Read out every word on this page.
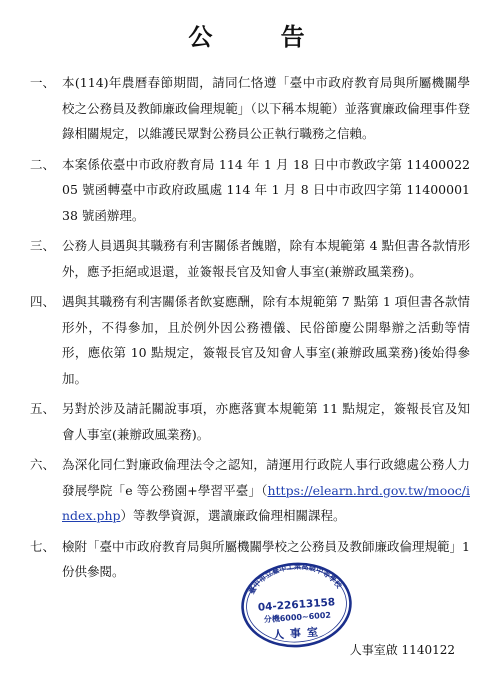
公 告
一、 本(114)年農曆春節期間，請同仁恪遵「臺中市政府教育局與所屬機關學校之公務員及教師廉政倫理規範」（以下稱本規範）並落實廉政倫理事件登錄相關規定，以維護民眾對公務員公正執行職務之信賴。
二、 本案係依臺中市政府教育局 114 年 1 月 18 日中市教政字第 1140002205 號函轉臺中市政府政風處 114 年 1 月 8 日中市政四字第 1140000138 號函辦理。
三、 公務人員遇與其職務有利害關係者餽贈，除有本規範第 4 點但書各款情形外，應予拒絕或退還，並簽報長官及知會人事室(兼辦政風業務)。
四、 遇與其職務有利害關係者飲宴應酬，除有本規範第 7 點第 1 項但書各款情形外，不得參加，且於例外因公務禮儀、民俗節慶公開舉辦之活動等情形，應依第 10 點規定，簽報長官及知會人事室(兼辦政風業務)後始得參加。
五、 另對於涉及請託關說事項，亦應落實本規範第 11 點規定，簽報長官及知會人事室(兼辦政風業務)。
六、 為深化同仁對廉政倫理法令之認知，請運用行政院人事行政總處公務人力發展學院「e 等公務園+學習平臺」（https://elearn.hrd.gov.tw/mooc/index.php）等教學資源，選讀廉政倫理相關課程。
七、 檢附「臺中市政府教育局與所屬機關學校之公務員及教師廉政倫理規範」1 份供參閱。
臺中市立臺中工業高級中等學校
04-22613158
分機6000~6002
人事室
人事室啟 1140122
